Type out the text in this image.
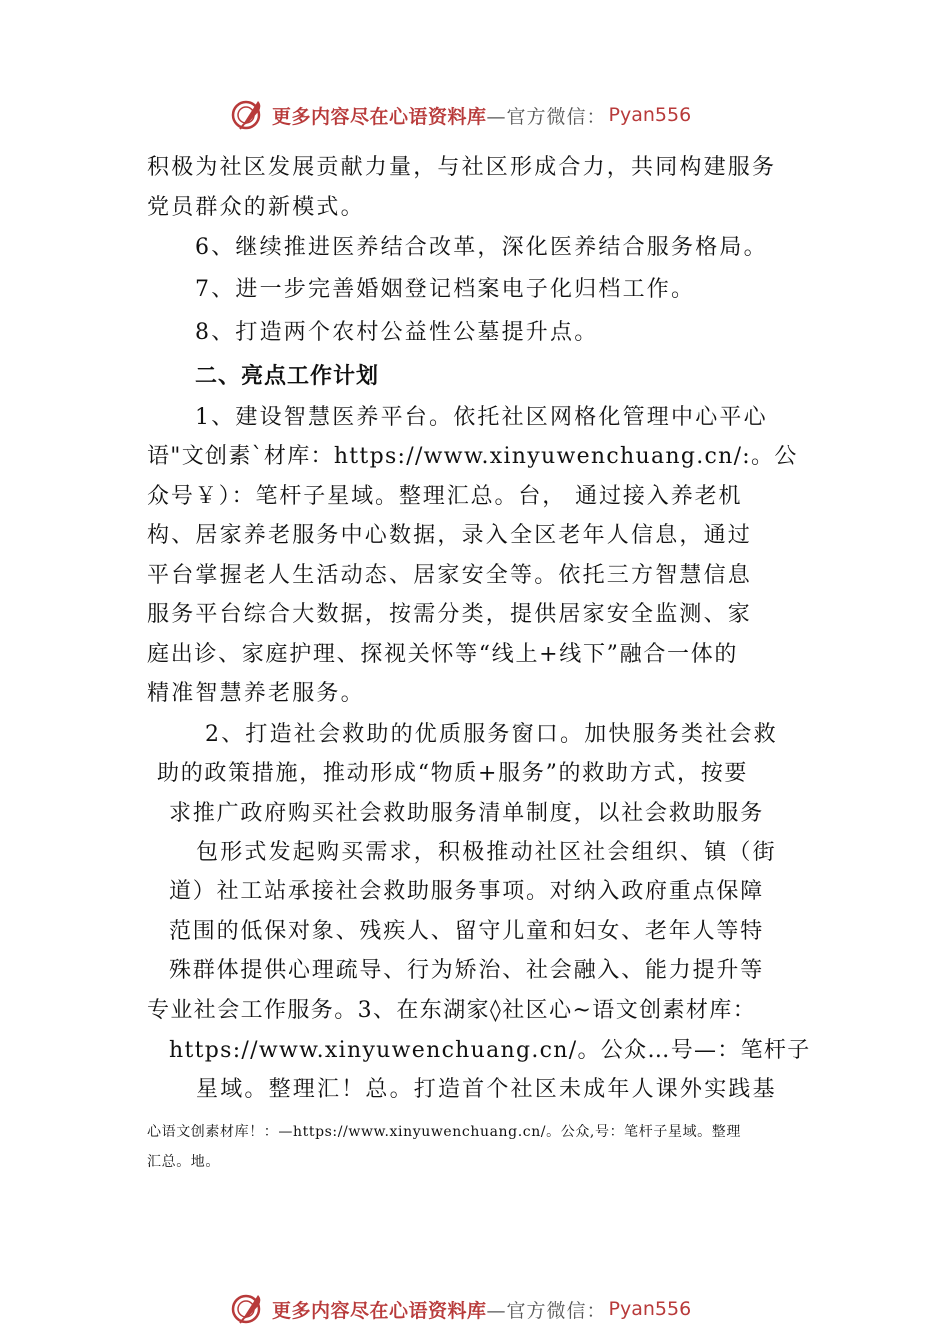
更多内容尽在心语资料库 —官方微信： Pyan556
积极为社区发展贡献力量，与社区形成合力，共同构建服务
党员群众的新模式。
6、继续推进医养结合改革，深化医养结合服务格局。
7、进一步完善婚姻登记档案电子化归档工作。
8、打造两个农村公益性公墓提升点。
二、亮点工作计划
1、建设智慧医养平台。依托社区网格化管理中心平心
语"文创素`材库：https://www.xinyuwenchuang.cn/:。公
众号￥）：笔杆子星域。整理汇总。台， 通过接入养老机
构、居家养老服务中心数据，录入全区老年人信息，通过
平台掌握老人生活动态、居家安全等。依托三方智慧信息
服务平台综合大数据，按需分类，提供居家安全监测、家
庭出诊、家庭护理、探视关怀等“线上+线下”融合一体的
精准智慧养老服务。
2、打造社会救助的优质服务窗口。加快服务类社会救
助的政策措施，推动形成“物质+服务”的救助方式，按要
求推广政府购买社会救助服务清单制度，以社会救助服务
包形式发起购买需求，积极推动社区社会组织、镇（街
道）社工站承接社会救助服务事项。对纳入政府重点保障
范围的低保对象、残疾人、留守儿童和妇女、老年人等特
殊群体提供心理疏导、行为矫治、社会融入、能力提升等
专业社会工作服务。3、在东湖家◊社区心~语文创素材库：
https://www.xinyuwenchuang.cn/。公众…号—：笔杆子
星域。整理汇！总。打造首个社区未成年人课外实践基
心语文创素材库！：—https://www.xinyuwenchuang.cn/。公众,号：笔杆子星域。整理
汇总。地。
更多内容尽在心语资料库 —官方微信： Pyan556
